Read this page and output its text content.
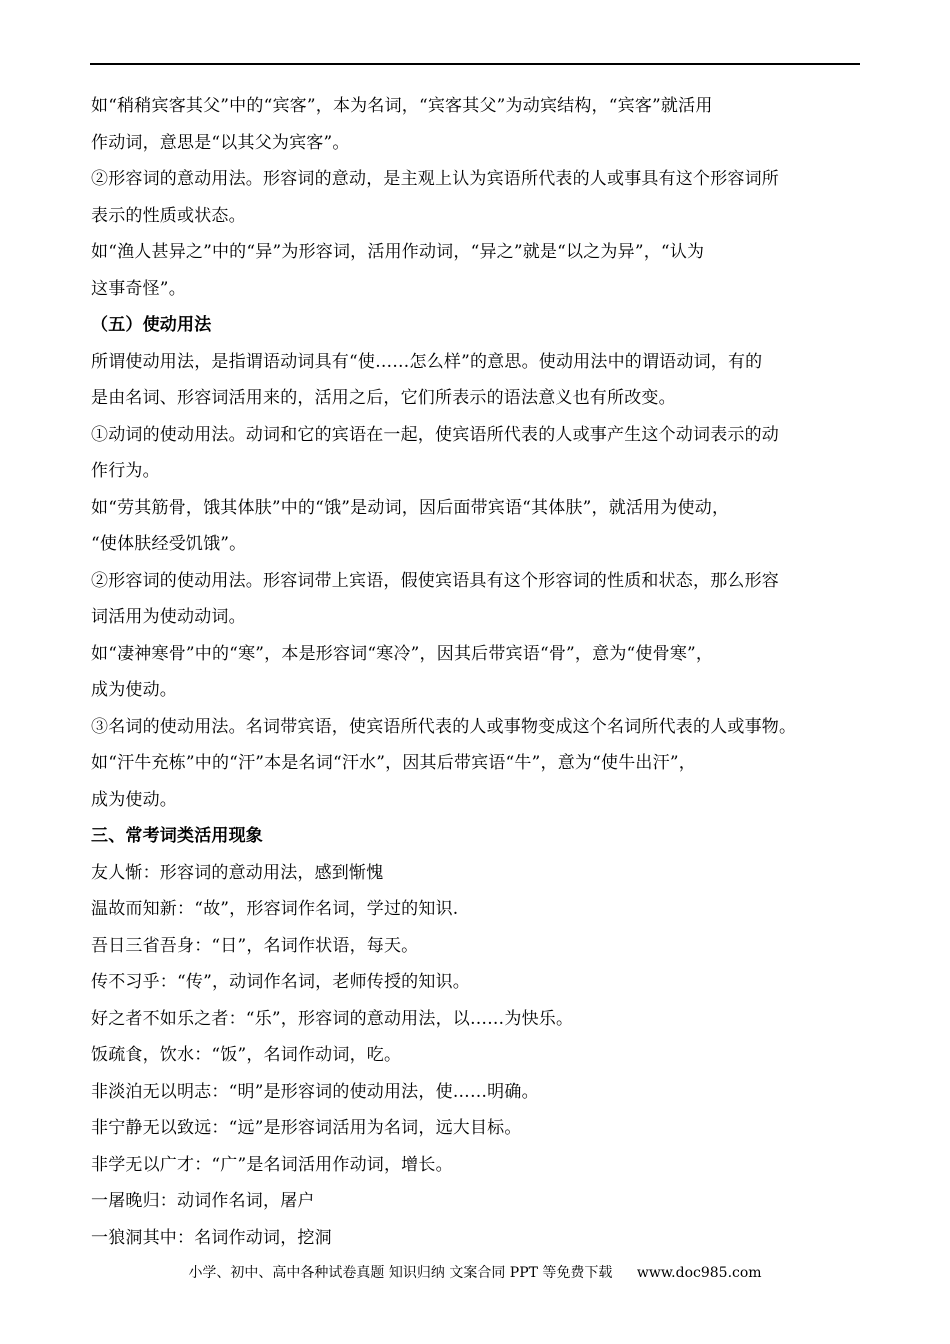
如“稍稍宾客其父”中的“宾客”，本为名词，“宾客其父”为动宾结构，“宾客”就活用
作动词，意思是“以其父为宾客”。
②形容词的意动用法。形容词的意动，是主观上认为宾语所代表的人或事具有这个形容词所
表示的性质或状态。
如“渔人甚异之”中的“异”为形容词，活用作动词，“异之”就是“以之为异”，“认为
这事奇怪”。
（五）使动用法
所谓使动用法，是指谓语动词具有“使……怎么样”的意思。使动用法中的谓语动词，有的
是由名词、形容词活用来的，活用之后，它们所表示的语法意义也有所改变。
①动词的使动用法。动词和它的宾语在一起，使宾语所代表的人或事产生这个动词表示的动
作行为。
如“劳其筋骨，饿其体肤”中的“饿”是动词，因后面带宾语“其体肤”，就活用为使动，
“使体肤经受饥饿”。
②形容词的使动用法。形容词带上宾语，假使宾语具有这个形容词的性质和状态，那么形容
词活用为使动动词。
如“凄神寒骨”中的“寒”，本是形容词“寒冷”，因其后带宾语“骨”，意为“使骨寒”，
成为使动。
③名词的使动用法。名词带宾语，使宾语所代表的人或事物变成这个名词所代表的人或事物。
如“汗牛充栋”中的“汗”本是名词“汗水”，因其后带宾语“牛”，意为“使牛出汗”，
成为使动。
三、常考词类活用现象
友人惭：形容词的意动用法，感到惭愧
温故而知新：“故”，形容词作名词，学过的知识.
吾日三省吾身：“日”，名词作状语，每天。
传不习乎：“传”，动词作名词，老师传授的知识。
好之者不如乐之者：“乐”，形容词的意动用法，以……为快乐。
饭疏食，饮水：“饭”，名词作动词，吃。
非淡泊无以明志：“明”是形容词的使动用法，使……明确。
非宁静无以致远：“远”是形容词活用为名词，远大目标。
非学无以广才：“广”是名词活用作动词，增长。
一屠晚归：动词作名词，屠户
一狼洞其中：名词作动词，挖洞
小学、初中、高中各种试卷真题 知识归纳 文案合同 PPT 等免费下载 www.doc985.com
